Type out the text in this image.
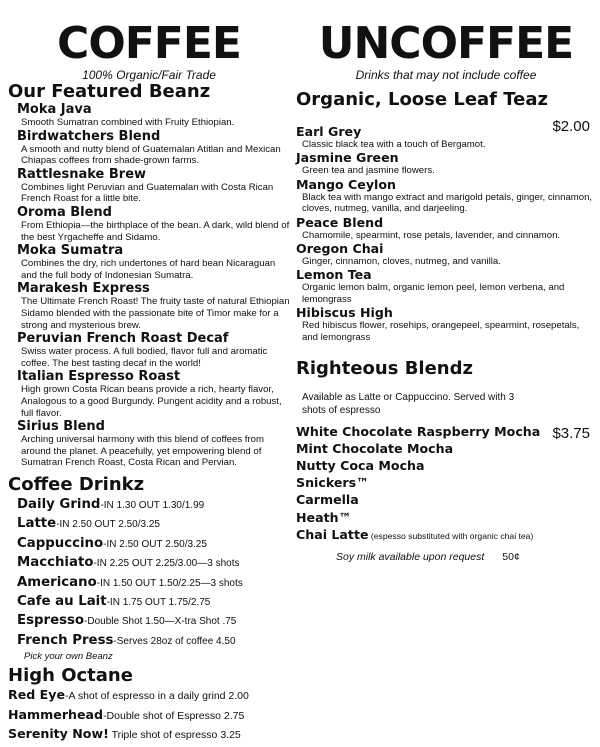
COFFEE

100% Organic/Fair Trade

Our Featured Beanz

Moka Java

Smooth Sumatran combined with Fruity Ethiopian.

Birdwatchers Blend

A smooth and nutty blend of Guatemalan Atitlan and Mexican Chiapas coffees from shade-grown farms.

Rattlesnake Brew

Combines light Peruvian and Guatemalan with Costa Rican French Roast for a little bite.

Oroma Blend

From Ethiopia—the birthplace of the bean. A dark, wild blend of the best Yrgacheffe and Sidamo.

Moka Sumatra

Combines the dry, rich undertones of hard bean Nicaraguan and the full body of Indonesian Sumatra.

Marakesh Express

The Ultimate French Roast! The fruity taste of natural Ethiopian Sidamo blended with the passionate bite of Timor make for a strong and mysterious brew.

Peruvian French Roast Decaf

Swiss water process. A full bodied, flavor full and aromatic coffee. The best tasting decaf in the world!

Italian Espresso Roast

High grown Costa Rican beans provide a rich, hearty flavor, Analogous to a good Burgundy. Pungent acidity and a robust, full flavor.

Sirius Blend

Arching universal harmony with this blend of coffees from around the planet. A peacefully, yet empowering blend of Sumatran French Roast, Costa Rican and Pervian.

Coffee Drinkz

Daily Grind-IN 1.30 OUT 1.30/1.99

Latte-IN 2.50 OUT 2.50/3.25

Cappuccino-IN 2.50 OUT 2.50/3.25

Macchiato-IN 2.25 OUT 2.25/3.00—3 shots

Americano-IN 1.50 OUT 1.50/2.25—3 shots

Cafe au Lait-IN 1.75 OUT 1.75/2.75

Espresso-Double Shot 1.50—X-tra Shot .75

French Press-Serves 28oz of coffee 4.50

Pick your own Beanz

High Octane

Red Eye-A shot of espresso in a daily grind 2.00

Hammerhead-Double shot of Espresso 2.75

Serenity Now! Triple shot of espresso 3.25

UNCOFFEE

Drinks that may not include coffee

Organic, Loose Leaf Teaz
$2.00

Earl Grey

Classic black tea with a touch of Bergamot.

Jasmine Green

Green tea and jasmine flowers.

Mango Ceylon

Black tea with mango extract and marigold petals, ginger, cinnamon, cloves, nutmeg, vanilla, and darjeeling.

Peace Blend

Chamomile, spearmint, rose petals, lavender, and cinnamon.

Oregon Chai

Ginger, cinnamon, cloves, nutmeg, and vanilla.

Lemon Tea

Organic lemon balm, organic lemon peel, lemon verbena, and lemongrass

Hibiscus High

Red hibiscus flower, rosehips, orangepeel, spearmint, rosepetals, and lemongrass

Righteous Blendz

Available as Latte or Cappuccino. Served with 3 shots of espresso

$3.75

White Chocolate Raspberry Mocha

Mint Chocolate Mocha

Nutty Coca Mocha

Snickers™

Carmella

Heath™

Chai Latte (espesso substituted with organic chai tea)

Soy milk available upon request 50¢
